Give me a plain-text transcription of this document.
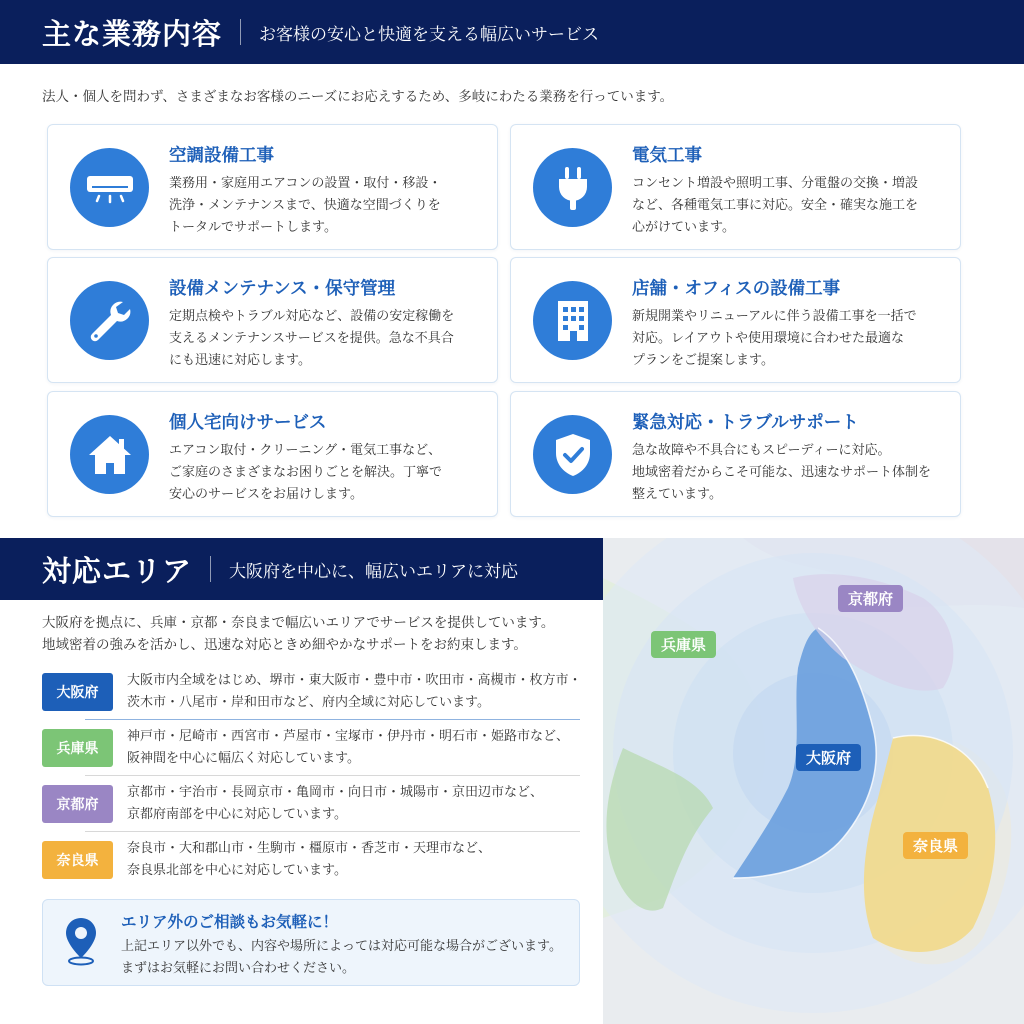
主な業務内容 お客様の安心と快適を支える幅広いサービス
法人・個人を問わず、さまざまなお客様のニーズにお応えするため、多岐にわたる業務を行っています。
空調設備工事
業務用・家庭用エアコンの設置・取付・移設・
洗浄・メンテナンスまで、快適な空間づくりを
トータルでサポートします。
電気工事
コンセント増設や照明工事、分電盤の交換・増設
など、各種電気工事に対応。安全・確実な施工を
心がけています。
設備メンテナンス・保守管理
定期点検やトラブル対応など、設備の安定稼働を
支えるメンテナンスサービスを提供。急な不具合
にも迅速に対応します。
店舗・オフィスの設備工事
新規開業やリニューアルに伴う設備工事を一括で
対応。レイアウトや使用環境に合わせた最適な
プランをご提案します。
個人宅向けサービス
エアコン取付・クリーニング・電気工事など、
ご家庭のさまざまなお困りごとを解決。丁寧で
安心のサービスをお届けします。
緊急対応・トラブルサポート
急な故障や不具合にもスピーディーに対応。
地域密着だからこそ可能な、迅速なサポート体制を
整えています。
京都府
兵庫県
大阪府
奈良県
対応エリア 大阪府を中心に、幅広いエリアに対応
大阪府を拠点に、兵庫・京都・奈良まで幅広いエリアでサービスを提供しています。
地域密着の強みを活かし、迅速な対応ときめ細やかなサポートをお約束します。
大阪府
大阪市内全域をはじめ、堺市・東大阪市・豊中市・吹田市・高槻市・枚方市・
茨木市・八尾市・岸和田市など、府内全域に対応しています。
兵庫県
神戸市・尼崎市・西宮市・芦屋市・宝塚市・伊丹市・明石市・姫路市など、
阪神間を中心に幅広く対応しています。
京都府
京都市・宇治市・長岡京市・亀岡市・向日市・城陽市・京田辺市など、
京都府南部を中心に対応しています。
奈良県
奈良市・大和郡山市・生駒市・橿原市・香芝市・天理市など、
奈良県北部を中心に対応しています。
エリア外のご相談もお気軽に！
上記エリア以外でも、内容や場所によっては対応可能な場合がございます。
まずはお気軽にお問い合わせください。
